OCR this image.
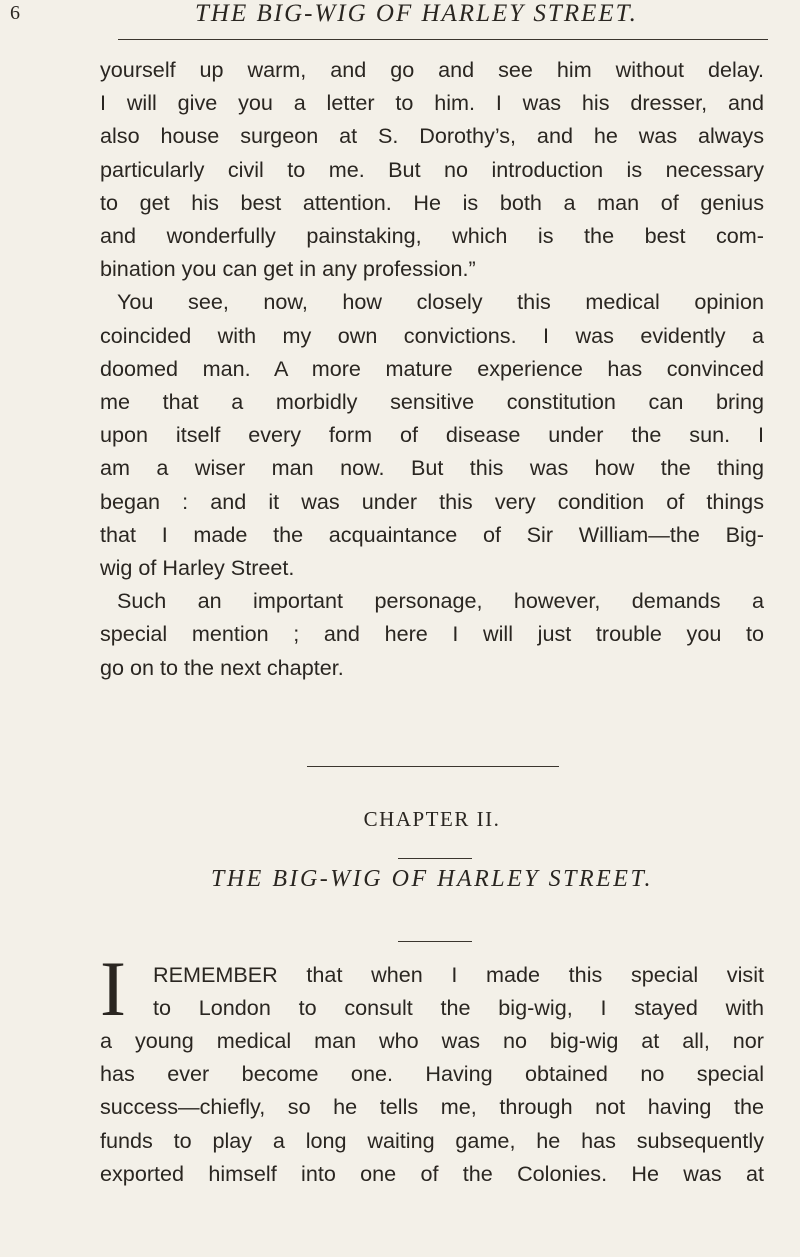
6	THE BIG-WIG OF HARLEY STREET.
yourself up warm, and go and see him without delay.
I will give you a letter to him. I was his dresser, and
also house surgeon at S. Dorothy’s, and he was always
particularly civil to me. But no introduction is necessary
to get his best attention. He is both a man of genius
and wonderfully painstaking, which is the best com-
bination you can get in any profession.”
You see, now, how closely this medical opinion
coincided with my own convictions. I was evidently a
doomed man. A more mature experience has convinced
me that a morbidly sensitive constitution can bring
upon itself every form of disease under the sun. I
am a wiser man now. But this was how the thing
began : and it was under this very condition of things
that I made the acquaintance of Sir William—the Big-
wig of Harley Street.
Such an important personage, however, demands a
special mention ; and here I will just trouble you to
go on to the next chapter.
CHAPTER II.
THE BIG-WIG OF HARLEY STREET.
I REMEMBER that when I made this special visit
to London to consult the big-wig, I stayed with
a young medical man who was no big-wig at all, nor
has ever become one. Having obtained no special
success—chiefly, so he tells me, through not having the
funds to play a long waiting game, he has subsequently
exported himself into one of the Colonies. He was at
